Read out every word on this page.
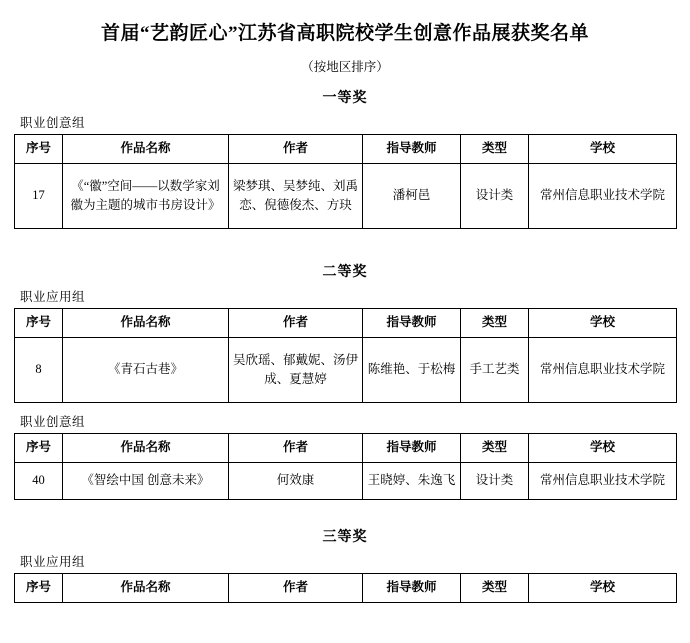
首届“艺韵匠心”江苏省高职院校学生创意作品展获奖名单
（按地区排序）
一等奖
职业创意组
序号	作品名称	作者	指导教师	类型	学校
17	《“徽”空间——以数学家刘徽为主题的城市书房设计》	梁梦琪、吴梦纯、刘禹恋、倪德俊杰、方玦	潘柯邑	设计类	常州信息职业技术学院
二等奖
职业应用组
序号	作品名称	作者	指导教师	类型	学校
8	《青石古巷》	吴欣瑶、郁戴妮、汤伊成、夏慧婷	陈维艳、于松梅	手工艺类	常州信息职业技术学院
职业创意组
序号	作品名称	作者	指导教师	类型	学校
40	《智绘中国 创意未来》	何效康	王晓婷、朱逸飞	设计类	常州信息职业技术学院
三等奖
职业应用组
序号	作品名称	作者	指导教师	类型	学校
